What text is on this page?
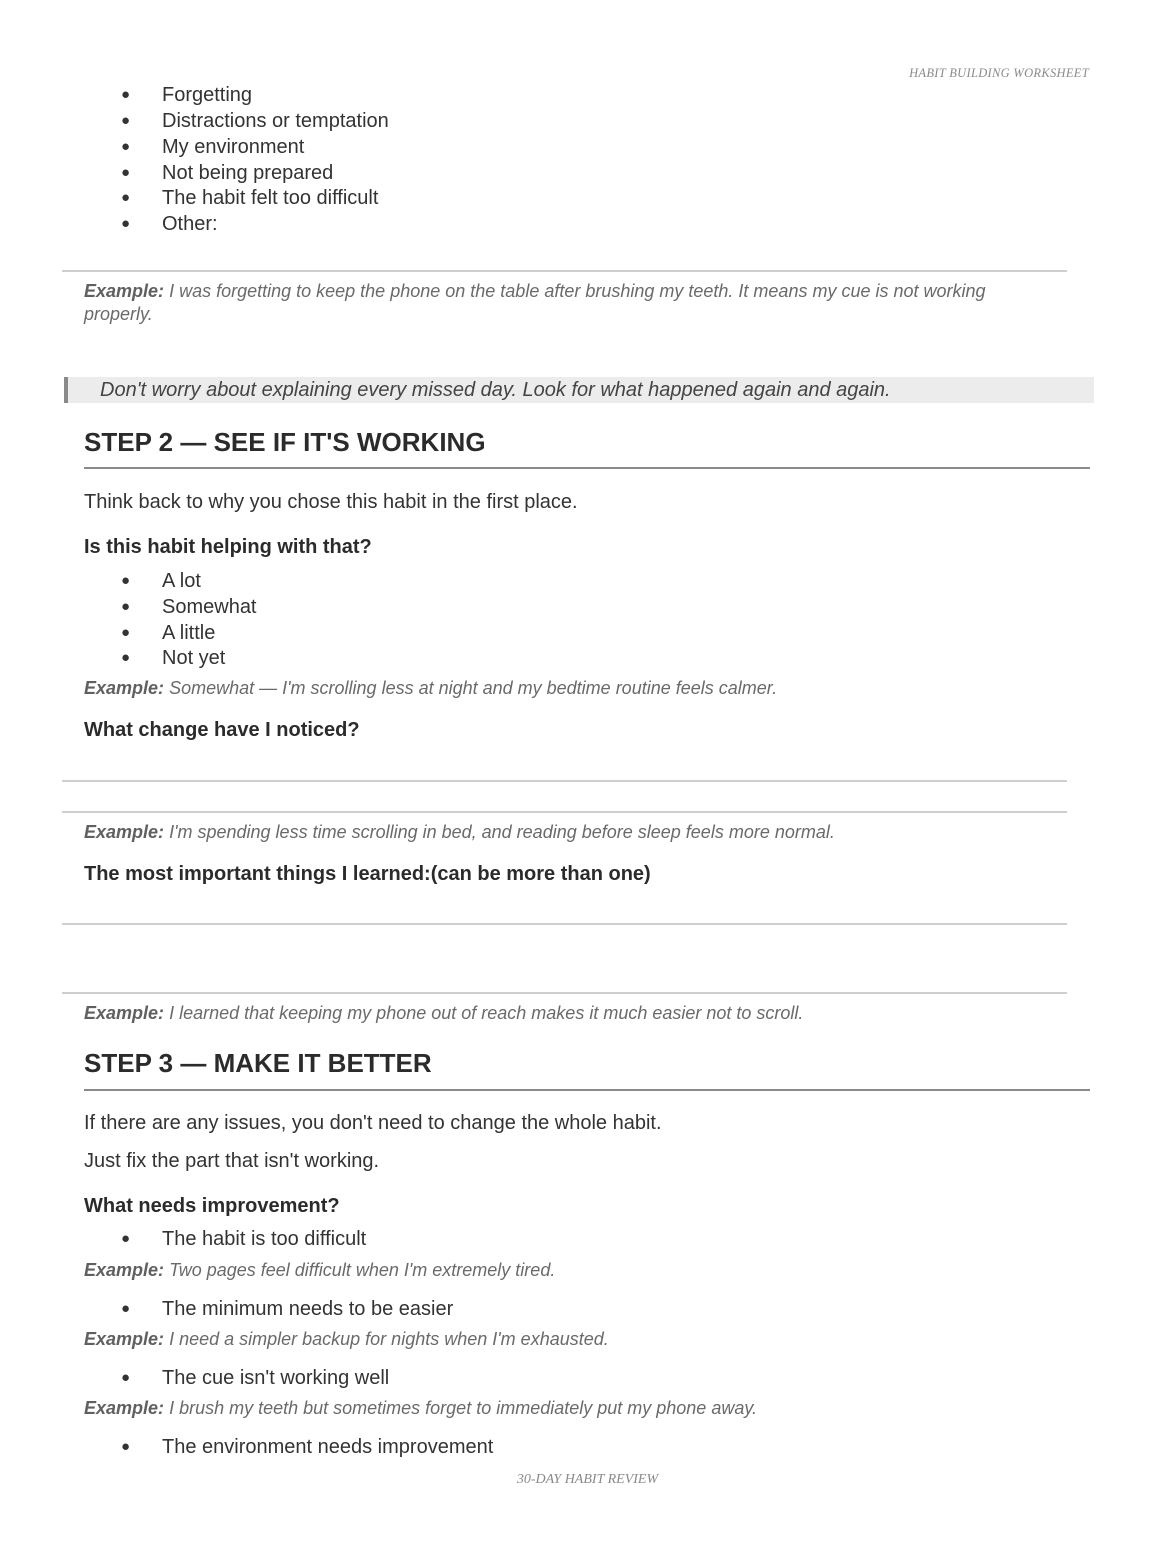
HABIT BUILDING WORKSHEET
● Forgetting
● Distractions or temptation
● My environment
● Not being prepared
● The habit felt too difficult
● Other:
Example: I was forgetting to keep the phone on the table after brushing my teeth. It means my cue is not working properly.
Don't worry about explaining every missed day. Look for what happened again and again.
STEP 2 — SEE IF IT'S WORKING
Think back to why you chose this habit in the first place.
Is this habit helping with that?
● A lot
● Somewhat
● A little
● Not yet
Example: Somewhat — I'm scrolling less at night and my bedtime routine feels calmer.
What change have I noticed?
Example: I'm spending less time scrolling in bed, and reading before sleep feels more normal.
The most important things I learned:(can be more than one)
Example: I learned that keeping my phone out of reach makes it much easier not to scroll.
STEP 3 — MAKE IT BETTER
If there are any issues, you don't need to change the whole habit.
Just fix the part that isn't working.
What needs improvement?
● The habit is too difficult
Example: Two pages feel difficult when I'm extremely tired.
● The minimum needs to be easier
Example: I need a simpler backup for nights when I'm exhausted.
● The cue isn't working well
Example: I brush my teeth but sometimes forget to immediately put my phone away.
● The environment needs improvement
30-DAY HABIT REVIEW
